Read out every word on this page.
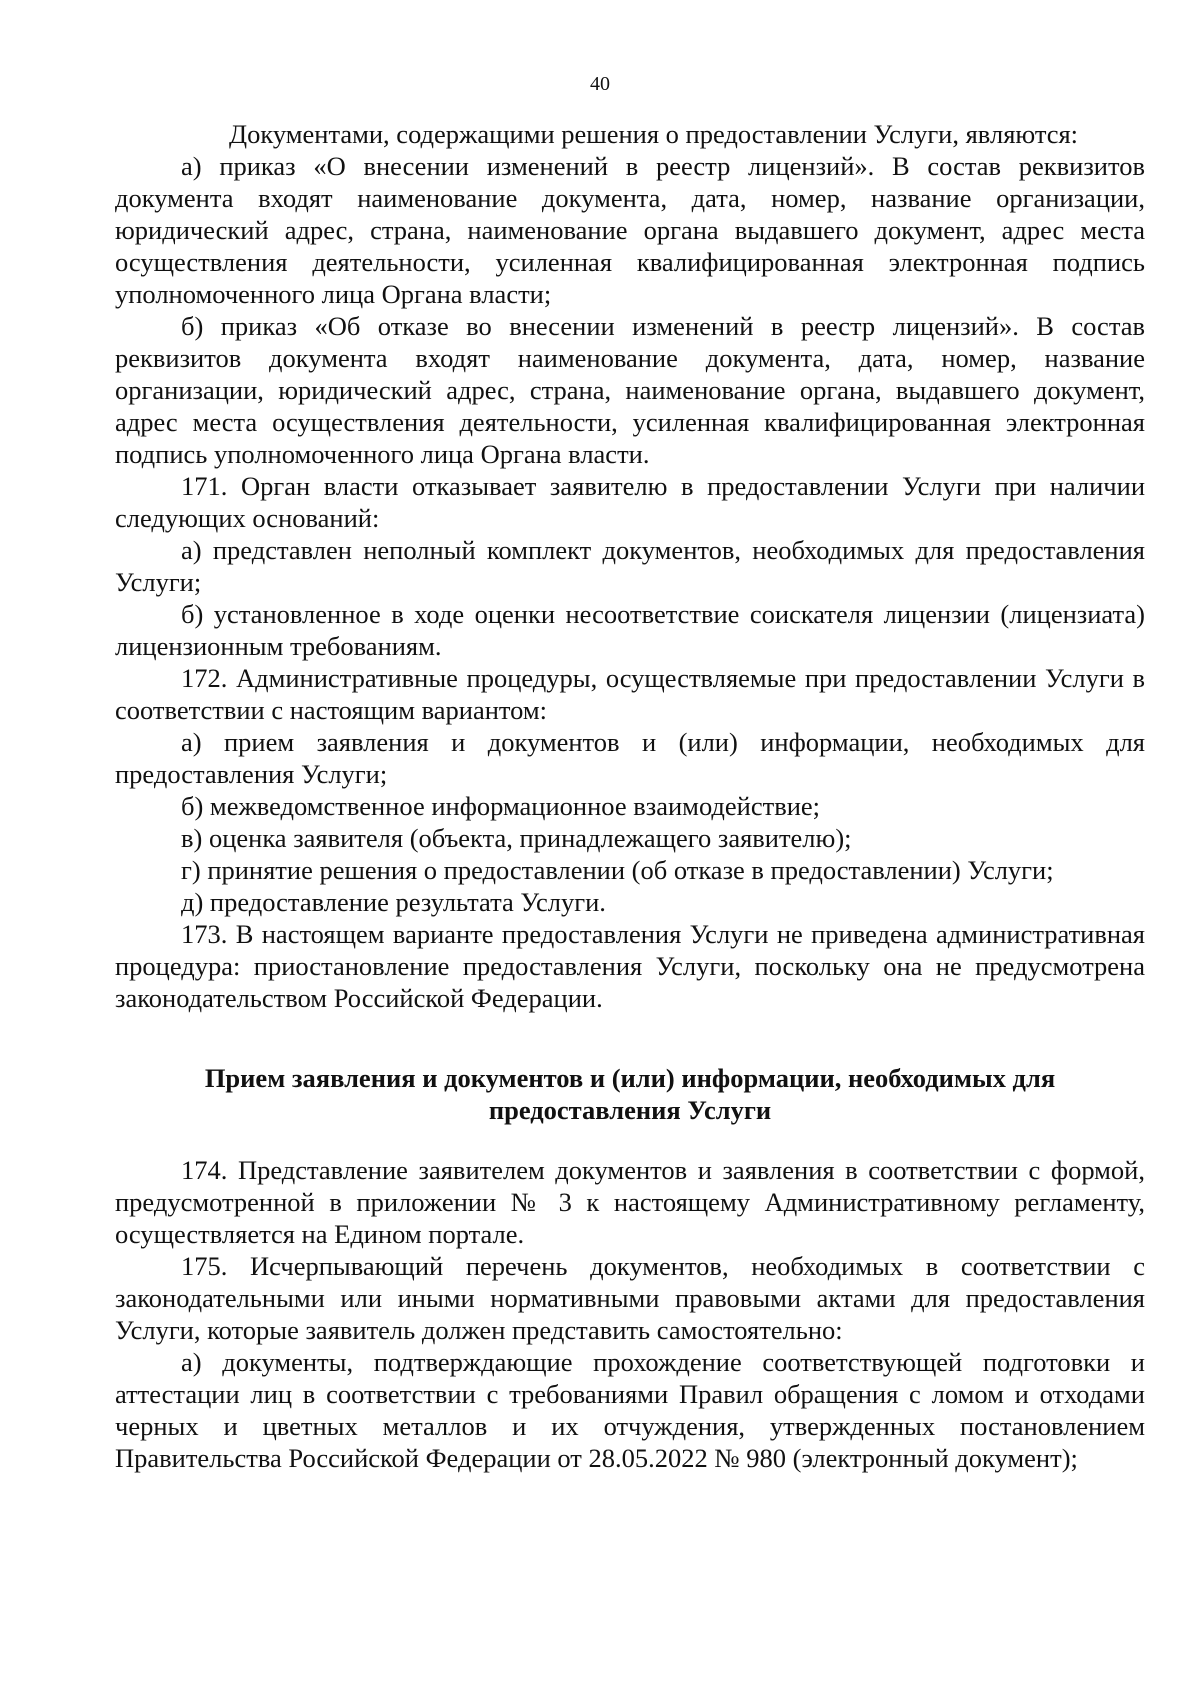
40

Документами, содержащими решения о предоставлении Услуги, являются:

а) приказ «О внесении изменений в реестр лицензий». В состав реквизитов документа входят наименование документа, дата, номер, название организации, юридический адрес, страна, наименование органа выдавшего документ, адрес места осуществления деятельности, усиленная квалифицированная электронная подпись уполномоченного лица Органа власти;

б) приказ «Об отказе во внесении изменений в реестр лицензий». В состав реквизитов документа входят наименование документа, дата, номер, название организации, юридический адрес, страна, наименование органа, выдавшего документ, адрес места осуществления деятельности, усиленная квалифицированная электронная подпись уполномоченного лица Органа власти.

171. Орган власти отказывает заявителю в предоставлении Услуги при наличии следующих оснований:

а) представлен неполный комплект документов, необходимых для предоставления Услуги;

б) установленное в ходе оценки несоответствие соискателя лицензии (лицензиата) лицензионным требованиям.

172. Административные процедуры, осуществляемые при предоставлении Услуги в соответствии с настоящим вариантом:

а) прием заявления и документов и (или) информации, необходимых для предоставления Услуги;

б) межведомственное информационное взаимодействие;

в) оценка заявителя (объекта, принадлежащего заявителю);

г) принятие решения о предоставлении (об отказе в предоставлении) Услуги;

д) предоставление результата Услуги.

173. В настоящем варианте предоставления Услуги не приведена административная процедура: приостановление предоставления Услуги, поскольку она не предусмотрена законодательством Российской Федерации.

Прием заявления и документов и (или) информации, необходимых для
предоставления Услуги

174. Представление заявителем документов и заявления в соответствии с формой, предусмотренной в приложении № 3 к настоящему Административному регламенту, осуществляется на Едином портале.

175. Исчерпывающий перечень документов, необходимых в соответствии с законодательными или иными нормативными правовыми актами для предоставления Услуги, которые заявитель должен представить самостоятельно:

а) документы, подтверждающие прохождение соответствующей подготовки и аттестации лиц в соответствии с требованиями Правил обращения с ломом и отходами черных и цветных металлов и их отчуждения, утвержденных постановлением Правительства Российской Федерации от 28.05.2022 № 980 (электронный документ);
